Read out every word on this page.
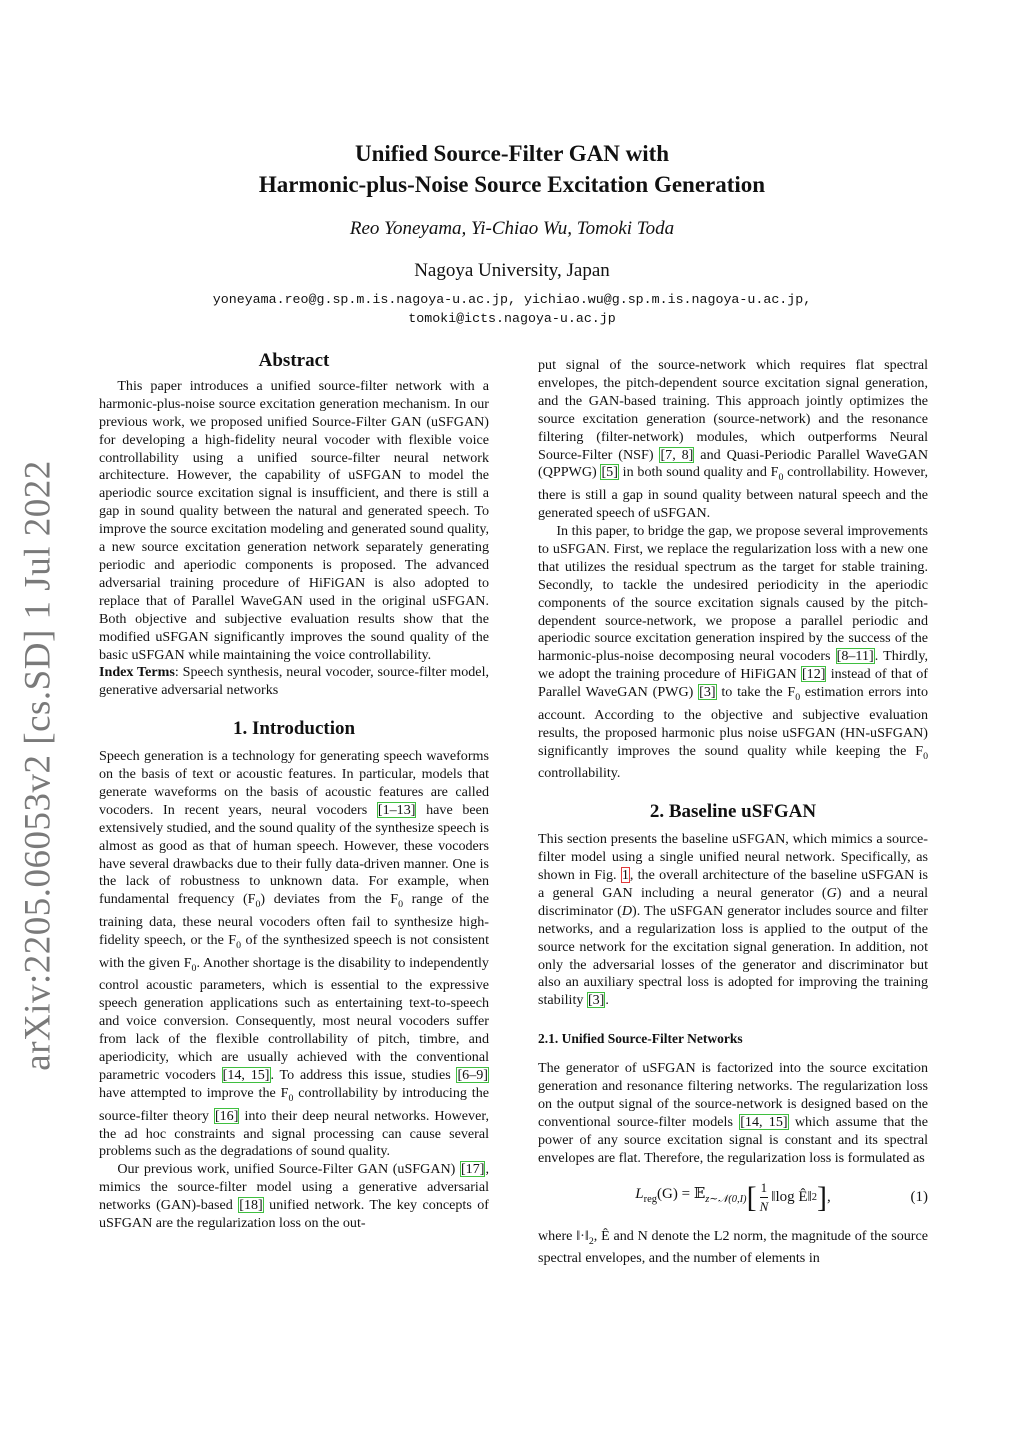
arXiv:2205.06053v2 [cs.SD] 1 Jul 2022
Unified Source-Filter GAN with
Harmonic-plus-Noise Source Excitation Generation
Reo Yoneyama, Yi-Chiao Wu, Tomoki Toda
Nagoya University, Japan
yoneyama.reo@g.sp.m.is.nagoya-u.ac.jp, yichiao.wu@g.sp.m.is.nagoya-u.ac.jp,
tomoki@icts.nagoya-u.ac.jp
Abstract

This paper introduces a unified source-filter network with a harmonic-plus-noise source excitation generation mechanism. In our previous work, we proposed unified Source-Filter GAN (uSFGAN) for developing a high-fidelity neural vocoder with flexible voice controllability using a unified source-filter neural network architecture. However, the capability of uSFGAN to model the aperiodic source excitation signal is insufficient, and there is still a gap in sound quality between the natural and generated speech. To improve the source excitation modeling and generated sound quality, a new source excitation generation network separately generating periodic and aperiodic components is proposed. The advanced adversarial training procedure of HiFiGAN is also adopted to replace that of Parallel WaveGAN used in the original uSFGAN. Both objective and subjective evaluation results show that the modified uSFGAN significantly improves the sound quality of the basic uSFGAN while maintaining the voice controllability.

Index Terms: Speech synthesis, neural vocoder, source-filter model, generative adversarial networks

1. Introduction

Speech generation is a technology for generating speech waveforms on the basis of text or acoustic features. In particular, models that generate waveforms on the basis of acoustic features are called vocoders. In recent years, neural vocoders [1–13] have been extensively studied, and the sound quality of the synthesize speech is almost as good as that of human speech. However, these vocoders have several drawbacks due to their fully data-driven manner. One is the lack of robustness to unknown data. For example, when fundamental frequency $(F_0)$ deviates from the $F_0$ range of the training data, these neural vocoders often fail to synthesize high-fidelity speech, or the $F_0$ of the synthesized speech is not consistent with the given $F_0$. Another shortage is the disability to independently control acoustic parameters, which is essential to the expressive speech generation applications such as entertaining text-to-speech and voice conversion. Consequently, most neural vocoders suffer from lack of the flexible controllability of pitch, timbre, and aperiodicity, which are usually achieved with the conventional parametric vocoders [14, 15]. To address this issue, studies [6–9] have attempted to improve the $F_0$ controllability by introducing the source-filter theory [16] into their deep neural networks. However, the ad hoc constraints and signal processing can cause several problems such as the degradations of sound quality.

Our previous work, unified Source-Filter GAN (uSFGAN) [17], mimics the source-filter model using a generative adversarial networks (GAN)-based [18] unified network. The key concepts of uSFGAN are the regularization loss on the out-

put signal of the source-network which requires flat spectral envelopes, the pitch-dependent source excitation signal generation, and the GAN-based training. This approach jointly optimizes the source excitation generation (source-network) and the resonance filtering (filter-network) modules, which outperforms Neural Source-Filter (NSF) [7, 8] and Quasi-Periodic Parallel WaveGAN (QPPWG) [5] in both sound quality and $F_0$ controllability. However, there is still a gap in sound quality between natural speech and the generated speech of uSFGAN.

In this paper, to bridge the gap, we propose several improvements to uSFGAN. First, we replace the regularization loss with a new one that utilizes the residual spectrum as the target for stable training. Secondly, to tackle the undesired periodicity in the aperiodic components of the source excitation signals caused by the pitch-dependent source-network, we propose a parallel periodic and aperiodic source excitation generation inspired by the success of the harmonic-plus-noise decomposing neural vocoders [8–11]. Thirdly, we adopt the training procedure of HiFiGAN [12] instead of that of Parallel WaveGAN (PWG) [3] to take the $F_0$ estimation errors into account. According to the objective and subjective evaluation results, the proposed harmonic plus noise uSFGAN (HN-uSFGAN) significantly improves the sound quality while keeping the $F_0$ controllability.

2. Baseline uSFGAN

This section presents the baseline uSFGAN, which mimics a source-filter model using a single unified neural network. Specifically, as shown in Fig. 1, the overall architecture of the baseline uSFGAN is a general GAN including a neural generator (G) and a neural discriminator (D). The uSFGAN generator includes source and filter networks, and a regularization loss is applied to the output of the source network for the excitation signal generation. In addition, not only the adversarial losses of the generator and discriminator but also an auxiliary spectral loss is adopted for improving the training stability [3].

2.1. Unified Source-Filter Networks

The generator of uSFGAN is factorized into the source excitation generation and resonance filtering networks. The regularization loss on the output signal of the source-network is designed based on the conventional source-filter models [14, 15] which assume that the power of any source excitation signal is constant and its spectral envelopes are flat. Therefore, the regularization loss is formulated as

$L_{reg}(G)$ = 𝔼$_{z\sim 𝒩(0,I)}$ [ $\frac{1}{N}$ ‖log Ê‖ 2 ] ,	(1)

where $‖\cdot‖_2$, Ê and N denote the L2 norm, the magnitude of the source spectral envelopes, and the number of elements in
